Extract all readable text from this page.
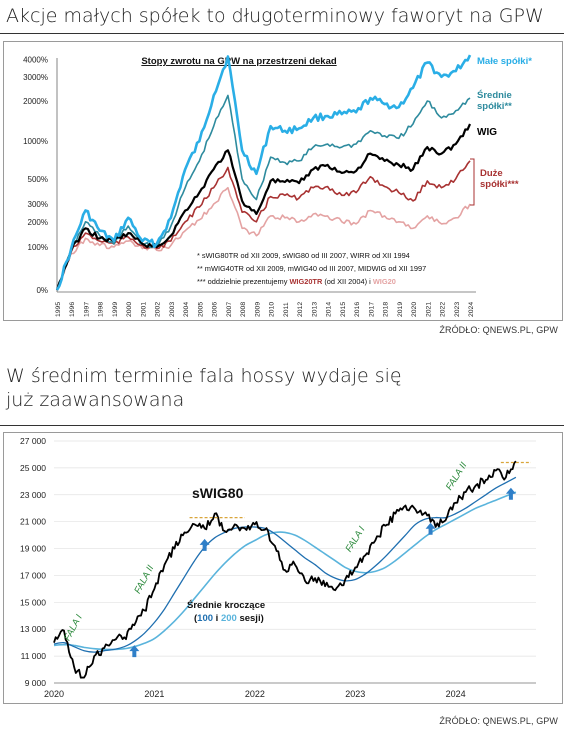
Akcje małych spółek to długoterminowy faworyt na GPW
0%
100%
200%
300%
500%
1000%
2000%
3000%
4000%
1995 1996 1997 1998 1999 2000 2001 2002 2003 2004 2005 2006 2007 2008 2009 2010 2011 2012 2013 2014 2015 2016 2017 2018 2019 2020 2021 2022 2023 2024
Stopy zwrotu na GPW na przestrzeni dekad	Małe spółki*
Średnie
spółki**
WIG
Duże
spółki***
* sWIG80TR od XII 2009, sWIG80 od III 2007, WIRR od XII 1994
** mWIG40TR od XII 2009, mWIG40 od III 2007, MIDWIG od XII 1997
*** oddzielnie prezentujemy WIG20TR (od XII 2004) i WIG20
ŹRÓDŁO: QNEWS.PL, GPW
W średnim terminie fala hossy wydaje się już zaawansowana
9 000
11 000
13 000
15 000
17 000
19 000
21 000
23 000
25 000
27 000
2020	2021	2022	2023	2024
FALA I
FALA II
FALA I
FALA II
sWIG80
Średnie kroczące
(100 i 200 sesji)
ŹRÓDŁO: QNEWS.PL, GPW
